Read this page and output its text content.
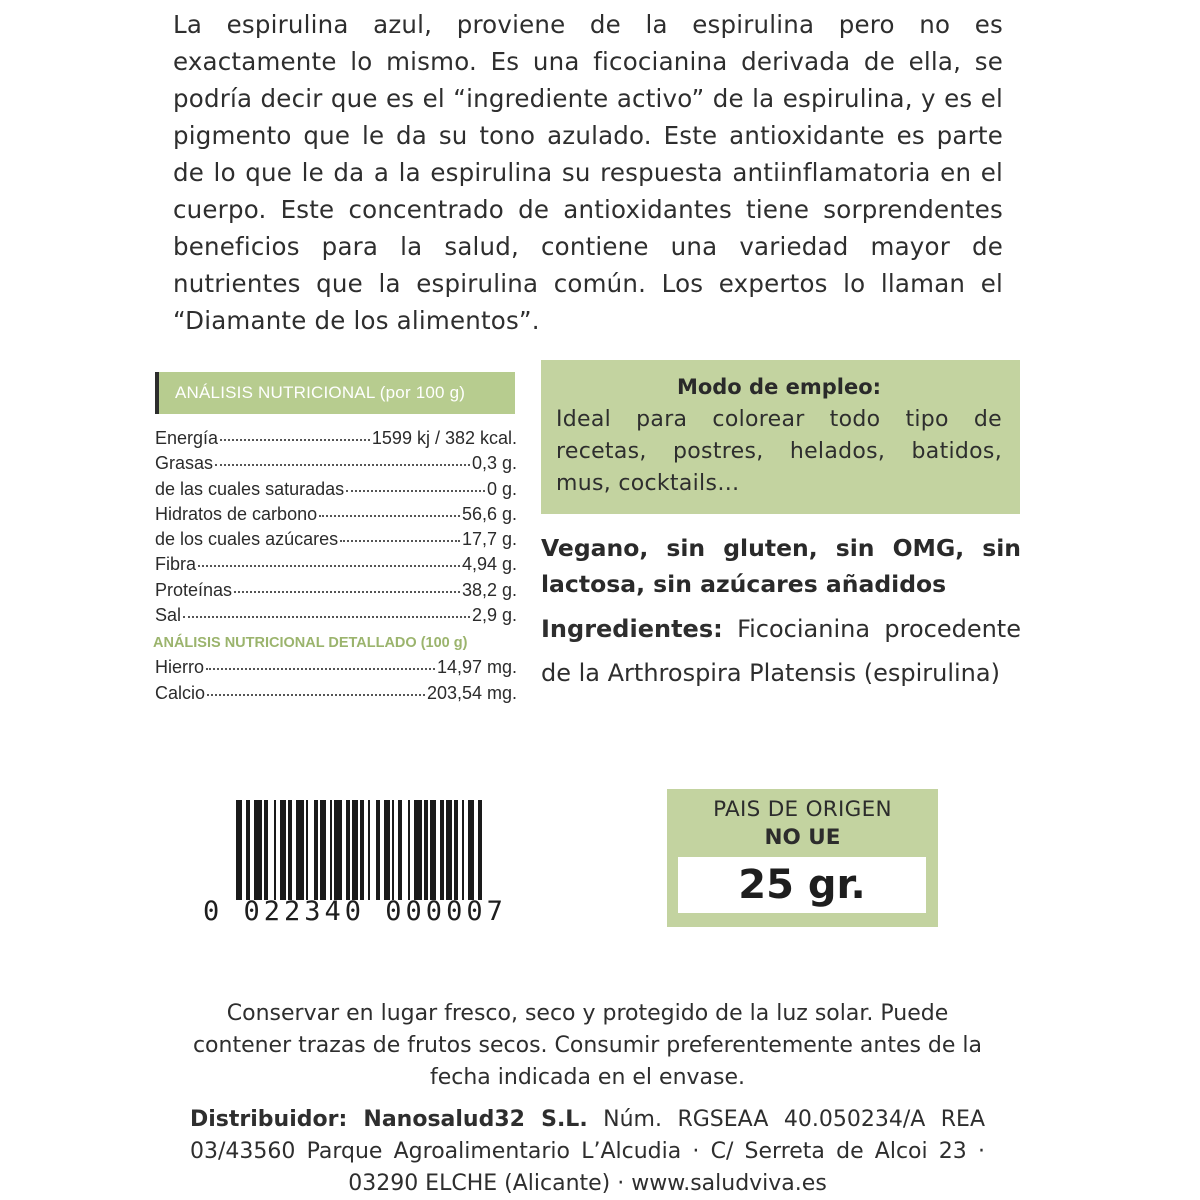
La espirulina azul, proviene de la espirulina pero no es exactamente lo mismo. Es una ficocianina derivada de ella, se podría decir que es el “ingrediente activo” de la espirulina, y es el pigmento que le da su tono azulado. Este antioxidante es parte de lo que le da a la espirulina su respuesta antiinflamatoria en el cuerpo. Este concentrado de antioxidantes tiene sorprendentes beneficios para la salud, contiene una variedad mayor de nutrientes que la espirulina común. Los expertos lo llaman el “Diamante de los alimentos”.

ANÁLISIS NUTRICIONAL (por 100 g)
Energía	1599 kj / 382 kcal.
Grasas	0,3 g.
de las cuales saturadas	0 g.
Hidratos de carbono	56,6 g.
de los cuales azúcares	17,7 g.
Fibra	4,94 g.
Proteínas	38,2 g.
Sal	2,9 g.
ANÁLISIS NUTRICIONAL DETALLADO (100 g)
Hierro	14,97 mg.
Calcio	203,54 mg.
Modo de empleo:
Ideal para colorear todo tipo de recetas, postres, helados, batidos, mus, cocktails…
Vegano, sin gluten, sin OMG, sin lactosa, sin azúcares añadidos
Ingredientes: Ficocianina procedente de la Arthrospira Platensis (espirulina)
0 022340 000007
PAIS DE ORIGEN
NO UE
25 gr.
Conservar en lugar fresco, seco y protegido de la luz solar. Puede contener trazas de frutos secos. Consumir preferentemente antes de la fecha indicada en el envase.
Distribuidor: Nanosalud32 S.L. Núm. RGSEAA 40.050234/A REA 03/43560 Parque Agroalimentario L’Alcudia · C/ Serreta de Alcoi 23 · 03290 ELCHE (Alicante) · www.saludviva.es
